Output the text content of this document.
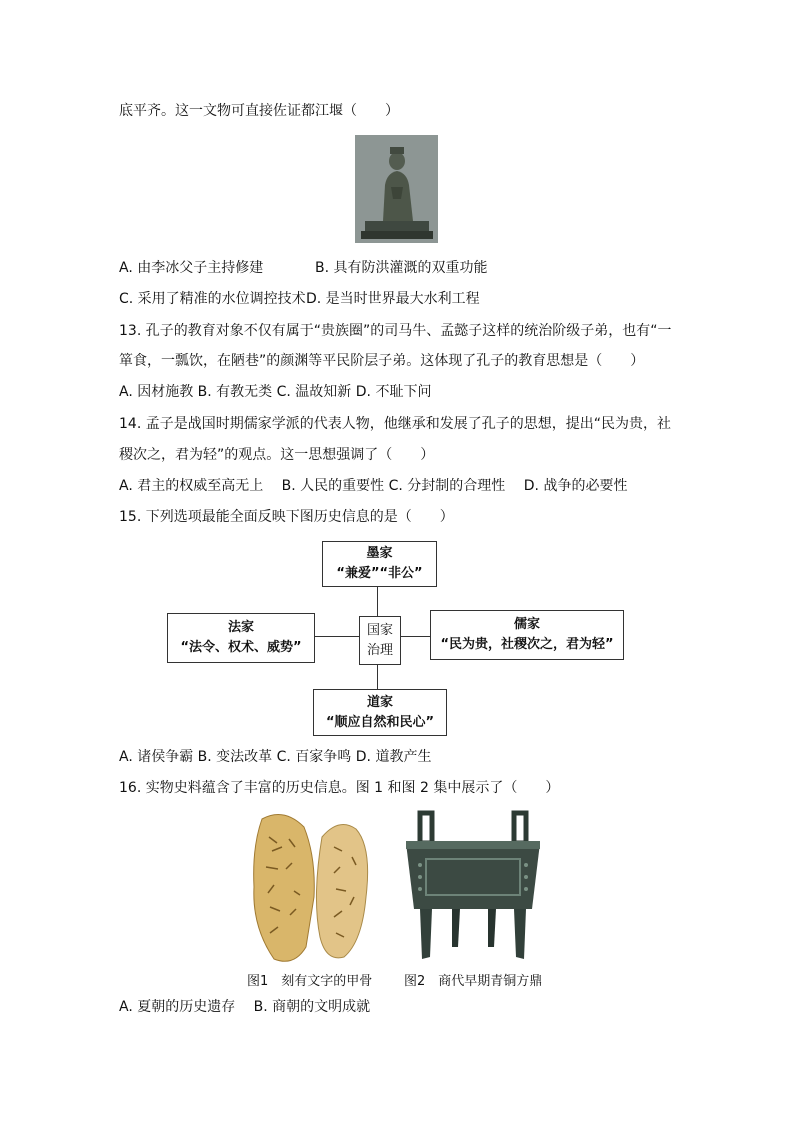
底平齐。这一文物可直接佐证都江堰（　　）
A. 由李冰父子主持修建	B. 具有防洪灌溉的双重功能
C. 采用了精准的水位调控技术 D. 是当时世界最大水利工程
13. 孔子的教育对象不仅有属于“贵族圈”的司马牛、孟懿子这样的统治阶级子弟，也有“一
箪食，一瓢饮，在陋巷”的颜渊等平民阶层子弟。这体现了孔子的教育思想是（　　）
A. 因材施教 B. 有教无类 C. 温故知新 D. 不耻下问
14. 孟子是战国时期儒家学派的代表人物，他继承和发展了孔子的思想，提出“民为贵，社
稷次之，君为轻”的观点。这一思想强调了（　　）
A. 君主的权威至高无上　 B. 人民的重要性 C. 分封制的合理性　 D. 战争的必要性
15. 下列选项最能全面反映下图历史信息的是（　　）
墨家
“兼爱”“非公”
法家
“法令、权术、威势”
国家
治理
儒家
“民为贵，社稷次之，君为轻”
道家
“顺应自然和民心”
A. 诸侯争霸 B. 变法改革 C. 百家争鸣 D. 道教产生
16. 实物史料蕴含了丰富的历史信息。图 1 和图 2 集中展示了（　　）
图1　刻有文字的甲骨 图2　商代早期青铜方鼎
A. 夏朝的历史遗存　 B. 商朝的文明成就
